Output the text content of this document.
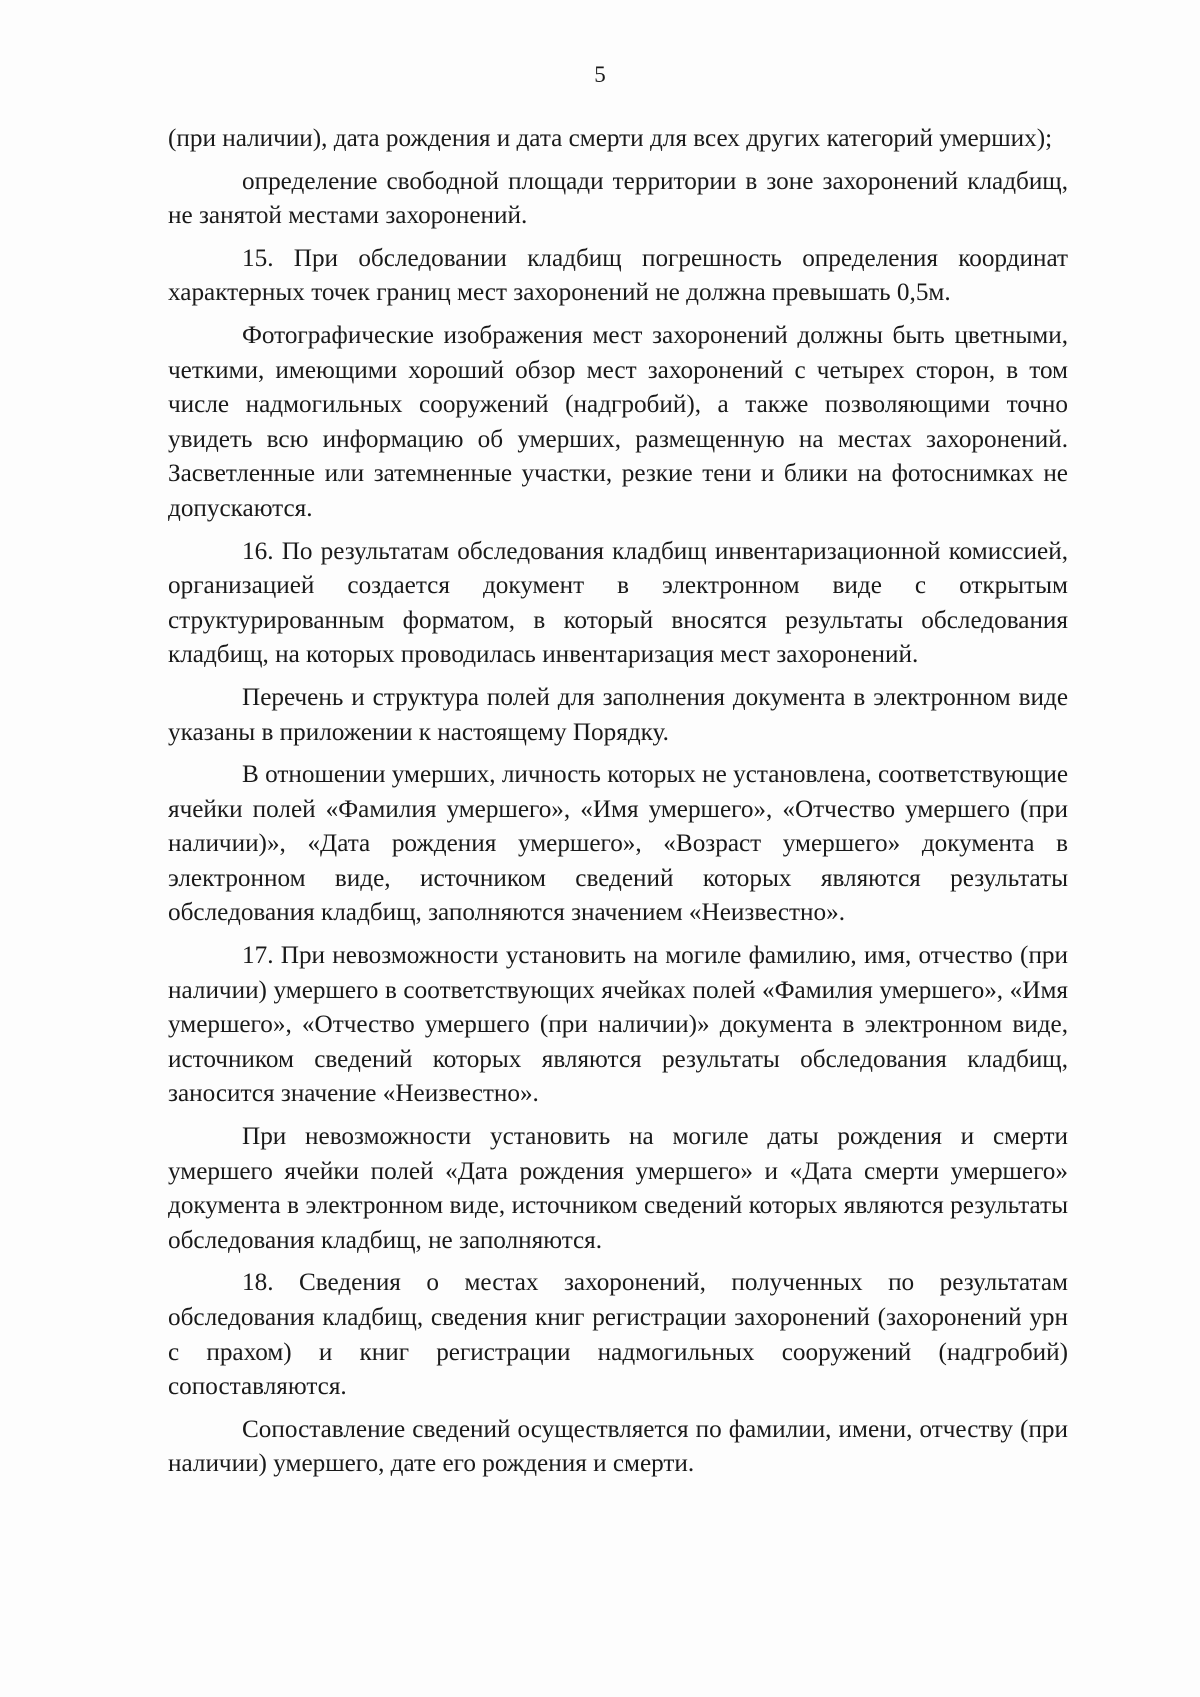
5

(при наличии), дата рождения и дата смерти для всех других категорий умерших);

определение свободной площади территории в зоне захоронений кладбищ, не занятой местами захоронений.

15. При обследовании кладбищ погрешность определения координат характерных точек границ мест захоронений не должна превышать 0,5м.

Фотографические изображения мест захоронений должны быть цветными, четкими, имеющими хороший обзор мест захоронений с четырех сторон, в том числе надмогильных сооружений (надгробий), а также позволяющими точно увидеть всю информацию об умерших, размещенную на местах захоронений. Засветленные или затемненные участки, резкие тени и блики на фотоснимках не допускаются.

16. По результатам обследования кладбищ инвентаризационной комиссией, организацией создается документ в электронном виде с открытым структурированным форматом, в который вносятся результаты обследования кладбищ, на которых проводилась инвентаризация мест захоронений.

Перечень и структура полей для заполнения документа в электронном виде указаны в приложении к настоящему Порядку.

В отношении умерших, личность которых не установлена, соответствующие ячейки полей «Фамилия умершего», «Имя умершего», «Отчество умершего (при наличии)», «Дата рождения умершего», «Возраст умершего» документа в электронном виде, источником сведений которых являются результаты обследования кладбищ, заполняются значением «Неизвестно».

17. При невозможности установить на могиле фамилию, имя, отчество (при наличии) умершего в соответствующих ячейках полей «Фамилия умершего», «Имя умершего», «Отчество умершего (при наличии)» документа в электронном виде, источником сведений которых являются результаты обследования кладбищ, заносится значение «Неизвестно».

При невозможности установить на могиле даты рождения и смерти умершего ячейки полей «Дата рождения умершего» и «Дата смерти умершего» документа в электронном виде, источником сведений которых являются результаты обследования кладбищ, не заполняются.

18. Сведения о местах захоронений, полученных по результатам обследования кладбищ, сведения книг регистрации захоронений (захоронений урн с прахом) и книг регистрации надмогильных сооружений (надгробий) сопоставляются.

Сопоставление сведений осуществляется по фамилии, имени, отчеству (при наличии) умершего, дате его рождения и смерти.
